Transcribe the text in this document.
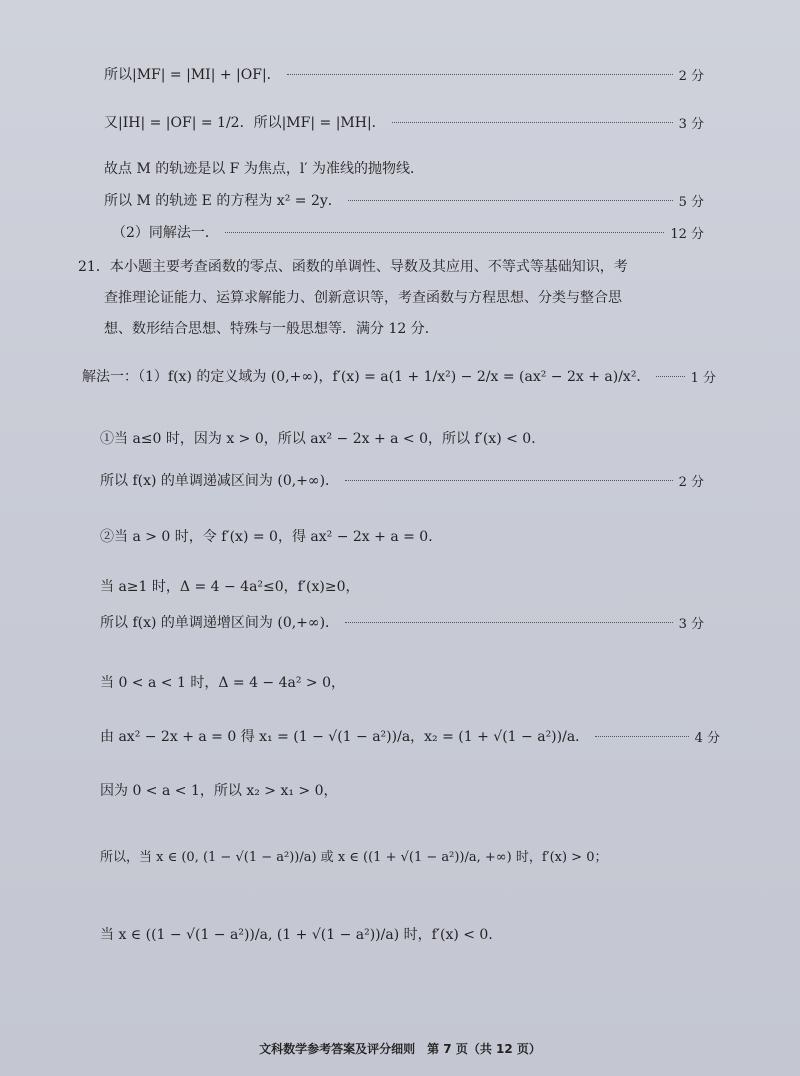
所以|MF| = |MI| + |OF|．	2 分
又|IH| = |OF| = 1/2．所以|MF| = |MH|．	3 分
故点 M 的轨迹是以 F 为焦点，l′ 为准线的抛物线．
所以 M 的轨迹 E 的方程为 x² = 2y．	5 分
（2）同解法一．	12 分
21．本小题主要考查函数的零点、函数的单调性、导数及其应用、不等式等基础知识，考
查推理论证能力、运算求解能力、创新意识等，考查函数与方程思想、分类与整合思
想、数形结合思想、特殊与一般思想等．满分 12 分．
解法一：（1）f(x) 的定义域为 (0,+∞)，f′(x) = a(1 + 1/x²) − 2/x = (ax² − 2x + a)/x²．	1 分
①当 a≤0 时，因为 x > 0，所以 ax² − 2x + a < 0，所以 f′(x) < 0．
所以 f(x) 的单调递减区间为 (0,+∞)．	2 分
②当 a > 0 时，令 f′(x) = 0，得 ax² − 2x + a = 0．
当 a≥1 时，Δ = 4 − 4a²≤0，f′(x)≥0，
所以 f(x) 的单调递增区间为 (0,+∞)．	3 分
当 0 < a < 1 时，Δ = 4 − 4a² > 0，
由 ax² − 2x + a = 0 得 x₁ = (1 − √(1 − a²))/a，x₂ = (1 + √(1 − a²))/a．	4 分
因为 0 < a < 1，所以 x₂ > x₁ > 0，
所以，当 x ∈ (0, (1 − √(1 − a²))/a) 或 x ∈ ((1 + √(1 − a²))/a, +∞) 时，f′(x) > 0；
当 x ∈ ((1 − √(1 − a²))/a, (1 + √(1 − a²))/a) 时，f′(x) < 0．
文科数学参考答案及评分细则　第 7 页（共 12 页）
